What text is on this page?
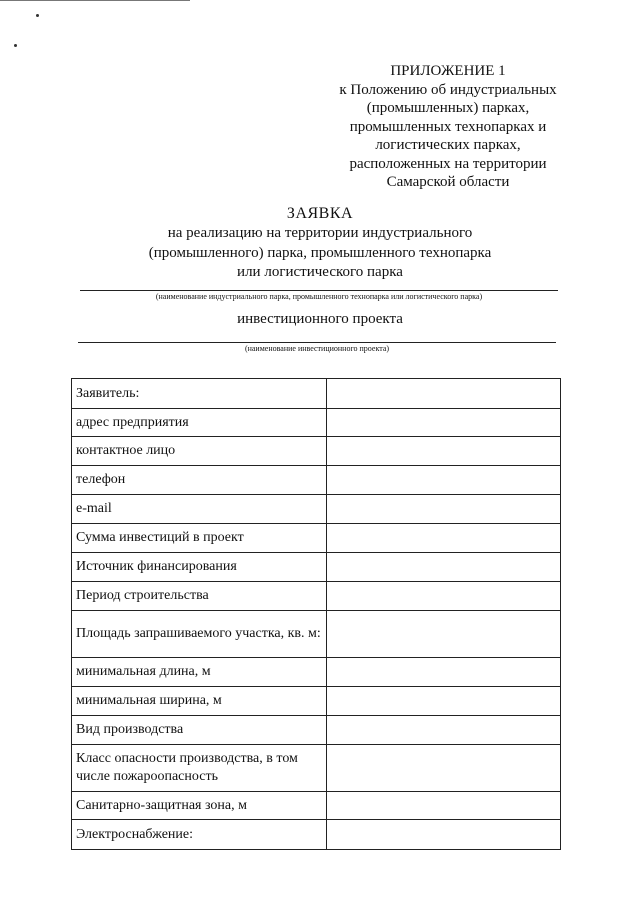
ПРИЛОЖЕНИЕ 1
к Положению об индустриальных
(промышленных) парках,
промышленных технопарках и
логистических парках,
расположенных на территории
Самарской области
ЗАЯВКА
на реализацию на территории индустриального
(промышленного) парка, промышленного технопарка
или логистического парка
(наименование индустриального парка, промышленного технопарка или логистического парка)
инвестиционного проекта
(наименование инвестиционного проекта)
Заявитель:	
адрес предприятия	
контактное лицо	
телефон	
e-mail	
Сумма инвестиций в проект	
Источник финансирования	
Период строительства	
Площадь запрашиваемого участка, кв. м:	
минимальная длина, м	
минимальная ширина, м	
Вид производства	
Класс опасности производства, в том числе пожароопасность	
Санитарно-защитная зона, м	
Электроснабжение:	
